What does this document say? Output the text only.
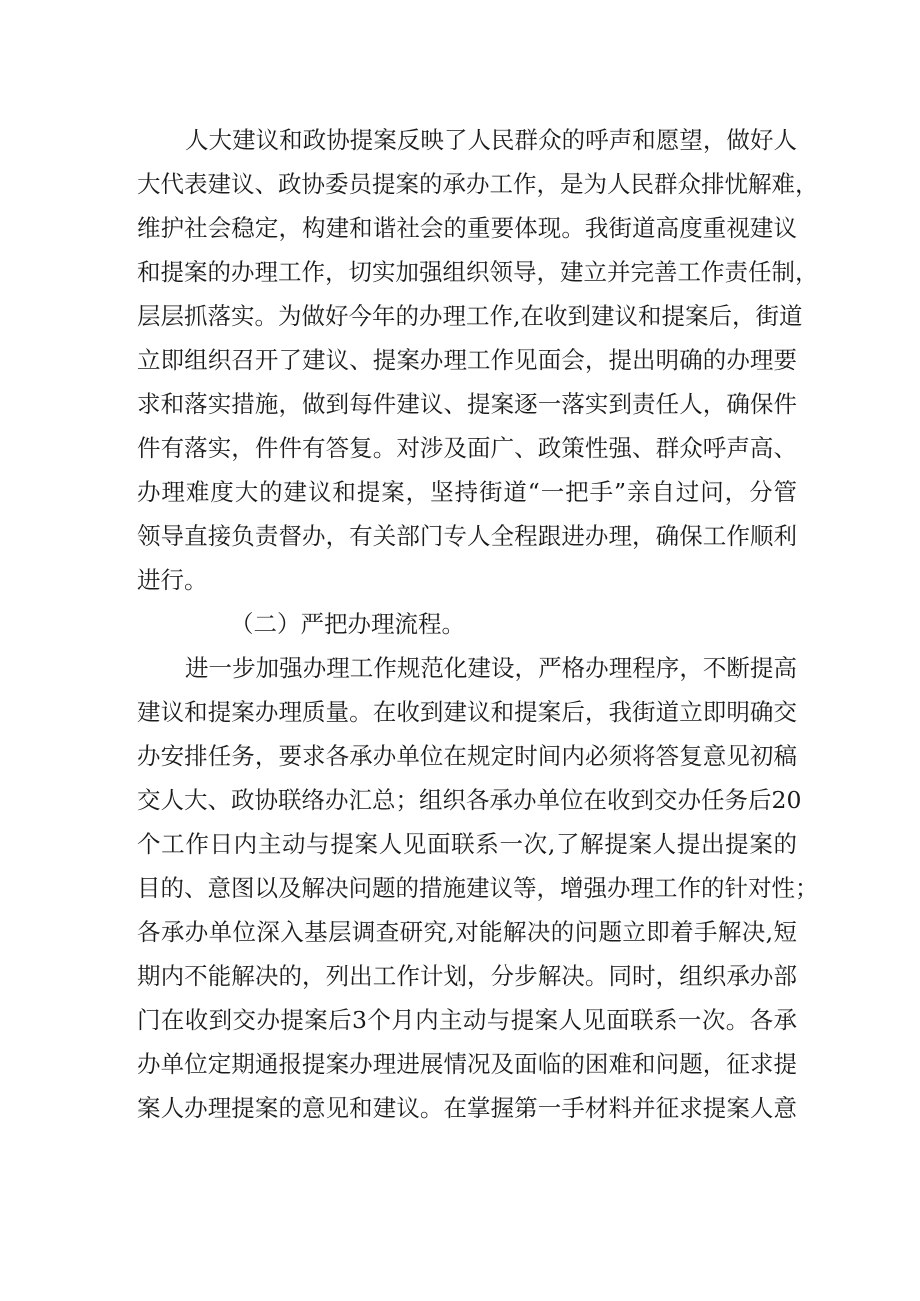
人大建议和政协提案反映了人民群众的呼声和愿望，做好人
大代表建议、政协委员提案的承办工作，是为人民群众排忧解难，
维护社会稳定，构建和谐社会的重要体现。我街道高度重视建议
和提案的办理工作，切实加强组织领导，建立并完善工作责任制，
层层抓落实。为做好今年的办理工作,在收到建议和提案后，街道
立即组织召开了建议、提案办理工作见面会，提出明确的办理要
求和落实措施，做到每件建议、提案逐一落实到责任人，确保件
件有落实，件件有答复。对涉及面广、政策性强、群众呼声高、
办理难度大的建议和提案，坚持街道“一把手”亲自过问，分管
领导直接负责督办，有关部门专人全程跟进办理，确保工作顺利
进行。
（二）严把办理流程。
进一步加强办理工作规范化建设，严格办理程序，不断提高
建议和提案办理质量。在收到建议和提案后，我街道立即明确交
办安排任务，要求各承办单位在规定时间内必须将答复意见初稿
交人大、政协联络办汇总；组织各承办单位在收到交办任务后20
个工作日内主动与提案人见面联系一次,了解提案人提出提案的
目的、意图以及解决问题的措施建议等，增强办理工作的针对性；
各承办单位深入基层调查研究,对能解决的问题立即着手解决,短
期内不能解决的，列出工作计划，分步解决。同时，组织承办部
门在收到交办提案后3个月内主动与提案人见面联系一次。各承
办单位定期通报提案办理进展情况及面临的困难和问题，征求提
案人办理提案的意见和建议。在掌握第一手材料并征求提案人意
